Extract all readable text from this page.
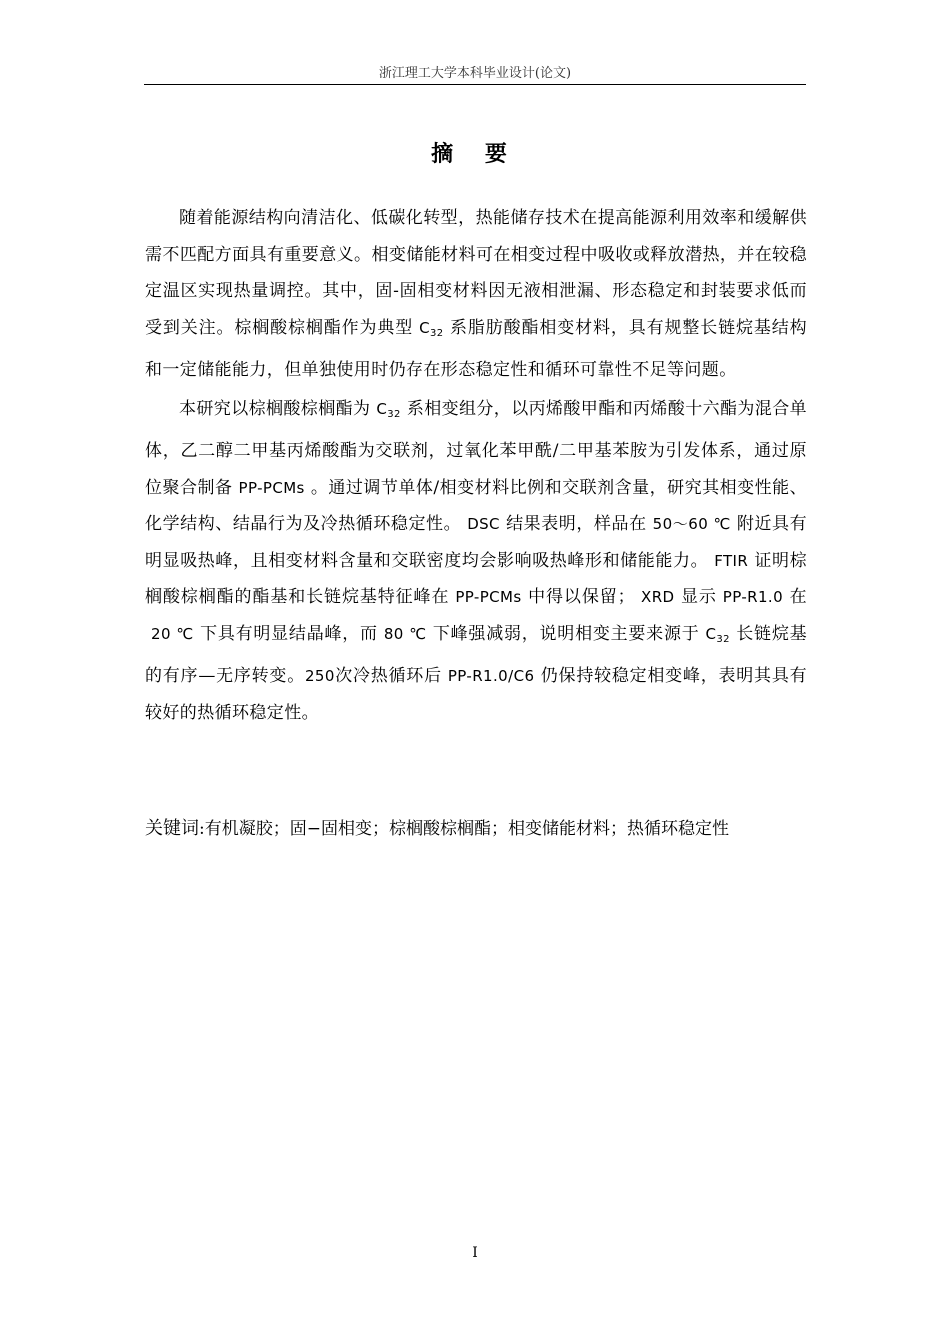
浙江理工大学本科毕业设计(论文)
摘 要

随着能源结构向清洁化、低碳化转型，热能储存技术在提高能源利用效率和缓解供需不匹配方面具有重要意义。相变储能材料可在相变过程中吸收或释放潜热，并在较稳定温区实现热量调控。其中，固-固相变材料因无液相泄漏、形态稳定和封装要求低而受到关注。棕榈酸棕榈酯作为典型 $C_{32}$ 系脂肪酸酯相变材料，具有规整长链烷基结构和一定储能能力，但单独使用时仍存在形态稳定性和循环可靠性不足等问题。

本研究以棕榈酸棕榈酯为 $C_{32}$ 系相变组分，以丙烯酸甲酯和丙烯酸十六酯为混合单体，乙二醇二甲基丙烯酸酯为交联剂，过氧化苯甲酰/二甲基苯胺为引发体系，通过原位聚合制备 PP-PCMs 。通过调节单体/相变材料比例和交联剂含量，研究其相变性能、化学结构、结晶行为及冷热循环稳定性。 DSC 结果表明，样品在 50～60 ℃ 附近具有明显吸热峰，且相变材料含量和交联密度均会影响吸热峰形和储能能力。 FTIR 证明棕榈酸棕榈酯的酯基和长链烷基特征峰在 PP-PCMs 中得以保留； XRD 显示 PP-R1.0 在20 ℃ 下具有明显结晶峰，而 80 ℃ 下峰强减弱，说明相变主要来源于 $C_{32}$ 长链烷基的有序—无序转变。250次冷热循环后 PP-R1.0/C6 仍保持较稳定相变峰，表明其具有较好的热循环稳定性。

关键词:有机凝胶；固−固相变；棕榈酸棕榈酯；相变储能材料；热循环稳定性

I
